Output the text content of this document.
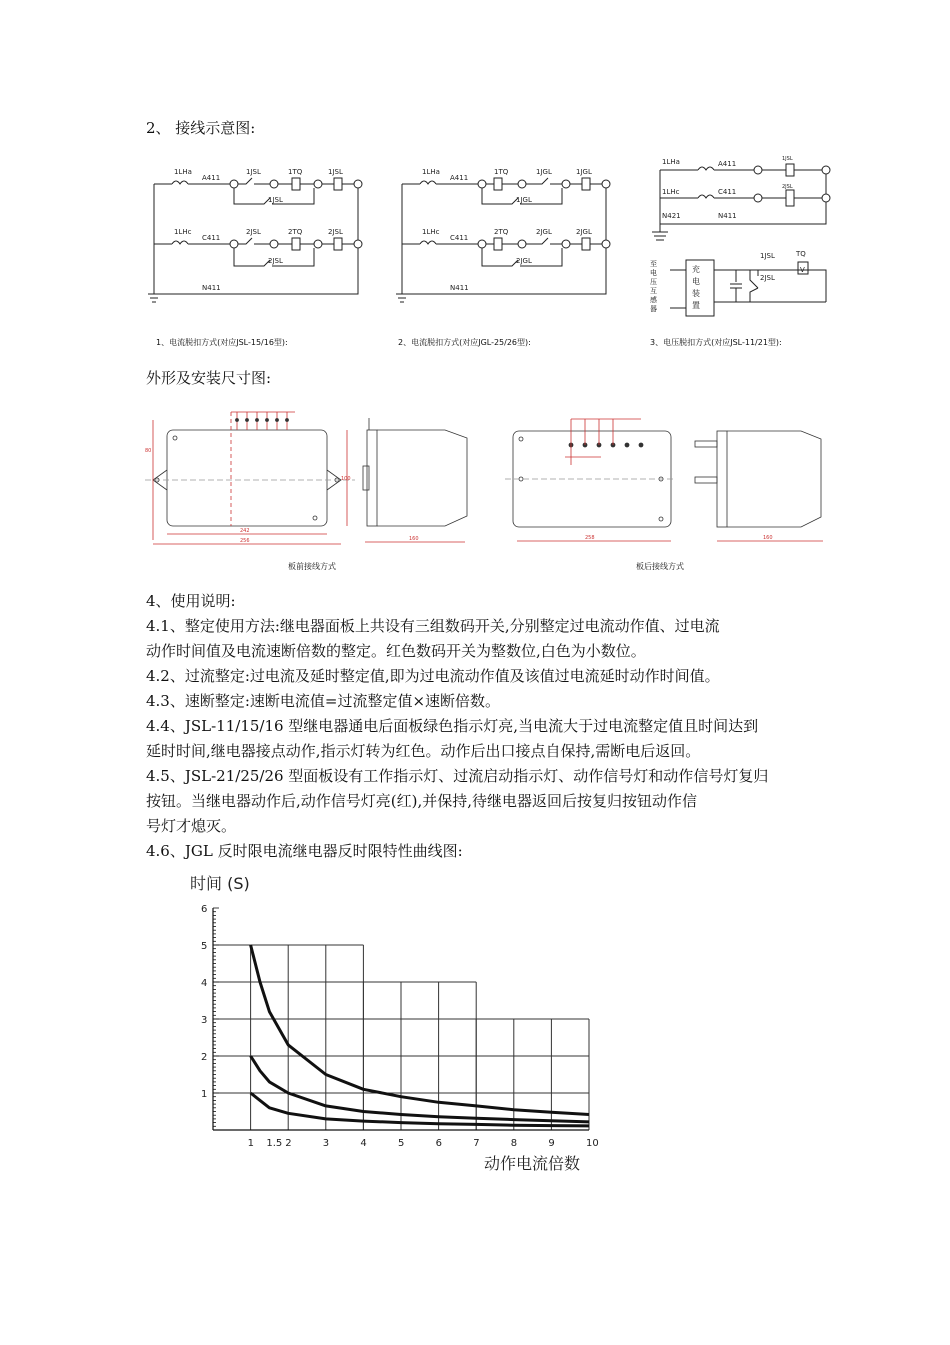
2、 接线示意图:
1LHa
A411
1JSL	1TQ	1JSL
1JSL
1LHc
C411
2JSL	2TQ	2JSL
2JSL
N411
1、电流脱扣方式(对应JSL-15/16型):
1LHa
A411
1TQ	1JGL	1JGL
1JGL
1LHc
C411
2TQ	2JGL	2JGL
2JGL
N411
2、电流脱扣方式(对应JGL-25/26型):
1LHa	A411
1JSL
1LHc	C411
2JSL
N421	N411
1JSL
2JSL
TQ
V
至电压互感器
充电装置
3、电压脱扣方式(对应JSL-11/21型):
外形及安装尺寸图:
242
256	160
80
100
板前接线方式
258	160
板后接线方式
4、使用说明:
4.1、整定使用方法:继电器面板上共设有三组数码开关,分别整定过电流动作值、过电流
动作时间值及电流速断倍数的整定。红色数码开关为整数位,白色为小数位。
4.2、过流整定:过电流及延时整定值,即为过电流动作值及该值过电流延时动作时间值。
4.3、速断整定:速断电流值=过流整定值×速断倍数。
4.4、JSL-11/15/16 型继电器通电后面板绿色指示灯亮,当电流大于过电流整定值且时间达到
延时时间,继电器接点动作,指示灯转为红色。动作后出口接点自保持,需断电后返回。
4.5、JSL-21/25/26 型面板设有工作指示灯、过流启动指示灯、动作信号灯和动作信号灯复归
按钮。当继电器动作后,动作信号灯亮(红),并保持,待继电器返回后按复归按钮动作信
号灯才熄灭。
4.6、JGL 反时限电流继电器反时限特性曲线图:
时间 (S)
动作电流倍数
1 1.5 2	3	4	5	6	7	8	9	10
1
2
3
4
5
6
